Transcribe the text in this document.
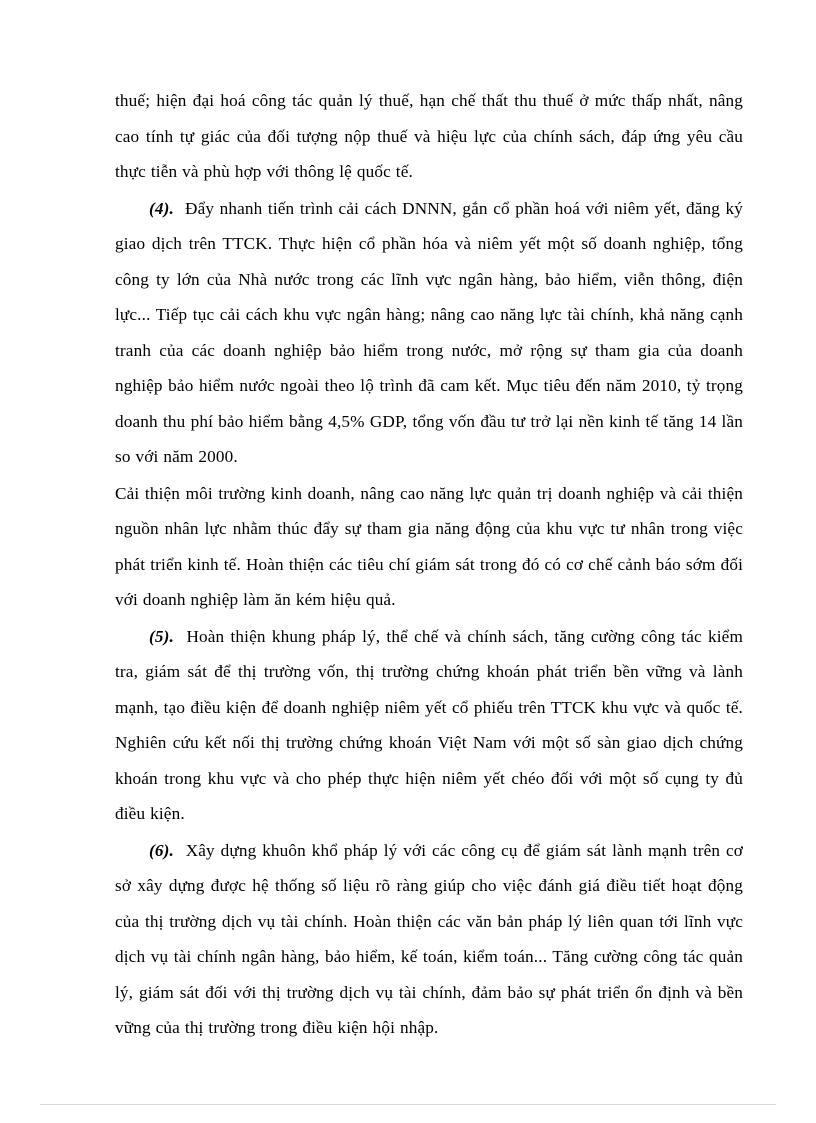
thuế; hiện đại hoá công tác quản lý thuế, hạn chế thất thu thuế ở mức thấp nhất, nâng cao tính tự giác của đối tượng nộp thuế và hiệu lực của chính sách, đáp ứng yêu cầu thực tiễn và phù hợp với thông lệ quốc tế.

(4). Đẩy nhanh tiến trình cải cách DNNN, gắn cổ phần hoá với niêm yết, đăng ký giao dịch trên TTCK. Thực hiện cổ phần hóa và niêm yết một số doanh nghiệp, tổng công ty lớn của Nhà nước trong các lĩnh vực ngân hàng, bảo hiểm, viễn thông, điện lực... Tiếp tục cải cách khu vực ngân hàng; nâng cao năng lực tài chính, khả năng cạnh tranh của các doanh nghiệp bảo hiểm trong nước, mở rộng sự tham gia của doanh nghiệp bảo hiểm nước ngoài theo lộ trình đã cam kết. Mục tiêu đến năm 2010, tỷ trọng doanh thu phí bảo hiểm bằng 4,5% GDP, tổng vốn đầu tư trở lại nền kinh tế tăng 14 lần so với năm 2000.

Cải thiện môi trường kinh doanh, nâng cao năng lực quản trị doanh nghiệp và cải thiện nguồn nhân lực nhằm thúc đẩy sự tham gia năng động của khu vực tư nhân trong việc phát triển kinh tế. Hoàn thiện các tiêu chí giám sát trong đó có cơ chế cảnh báo sớm đối với doanh nghiệp làm ăn kém hiệu quả.

(5). Hoàn thiện khung pháp lý, thể chế và chính sách, tăng cường công tác kiểm tra, giám sát để thị trường vốn, thị trường chứng khoán phát triển bền vững và lành mạnh, tạo điều kiện để doanh nghiệp niêm yết cổ phiếu trên TTCK khu vực và quốc tế. Nghiên cứu kết nối thị trường chứng khoán Việt Nam với một số sàn giao dịch chứng khoán trong khu vực và cho phép thực hiện niêm yết chéo đối với một số cụng ty đủ điều kiện.

(6). Xây dựng khuôn khổ pháp lý với các công cụ để giám sát lành mạnh trên cơ sở xây dựng được hệ thống số liệu rõ ràng giúp cho việc đánh giá điều tiết hoạt động của thị trường dịch vụ tài chính. Hoàn thiện các văn bản pháp lý liên quan tới lĩnh vực dịch vụ tài chính ngân hàng, bảo hiểm, kế toán, kiểm toán... Tăng cường công tác quản lý, giám sát đối với thị trường dịch vụ tài chính, đảm bảo sự phát triển ổn định và bền vững của thị trường trong điều kiện hội nhập.
